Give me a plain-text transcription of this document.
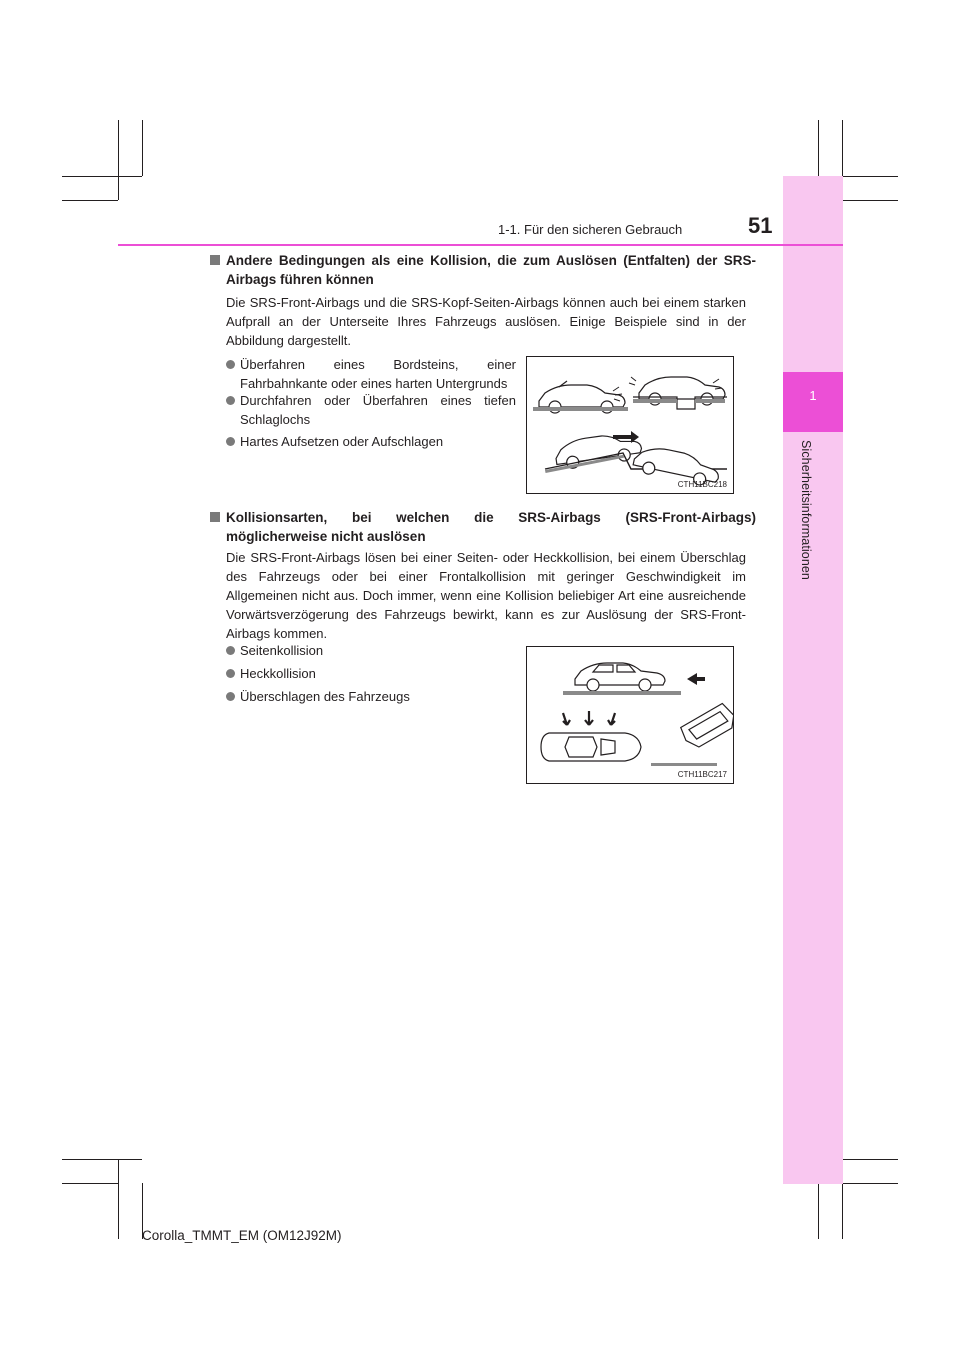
1
Sicherheitsinformationen
1-1. Für den sicheren Gebrauch	51
Andere Bedingungen als eine Kollision, die zum Auslösen (Entfalten) der SRS-Airbags führen können
Die SRS-Front-Airbags und die SRS-Kopf-Seiten-Airbags können auch bei einem starken Aufprall an der Unterseite Ihres Fahrzeugs auslösen. Einige Beispiele sind in der Abbildung dargestellt.
Überfahren eines Bordsteins, einer Fahrbahnkante oder eines harten Untergrunds
Durchfahren oder Überfahren eines tiefen Schlaglochs
Hartes Aufsetzen oder Aufschlagen
CTH11BC218
Kollisionsarten, bei welchen die SRS-Airbags (SRS-Front-Airbags) möglicherweise nicht auslösen
Die SRS-Front-Airbags lösen bei einer Seiten- oder Heckkollision, bei einem Überschlag des Fahrzeugs oder bei einer Frontalkollision mit geringer Geschwindigkeit im Allgemeinen nicht aus. Doch immer, wenn eine Kollision beliebiger Art eine ausreichende Vorwärtsverzögerung des Fahrzeugs bewirkt, kann es zur Auslösung der SRS-Front-Airbags kommen.
Seitenkollision
Heckkollision
Überschlagen des Fahrzeugs
CTH11BC217
Corolla_TMMT_EM (OM12J92M)
